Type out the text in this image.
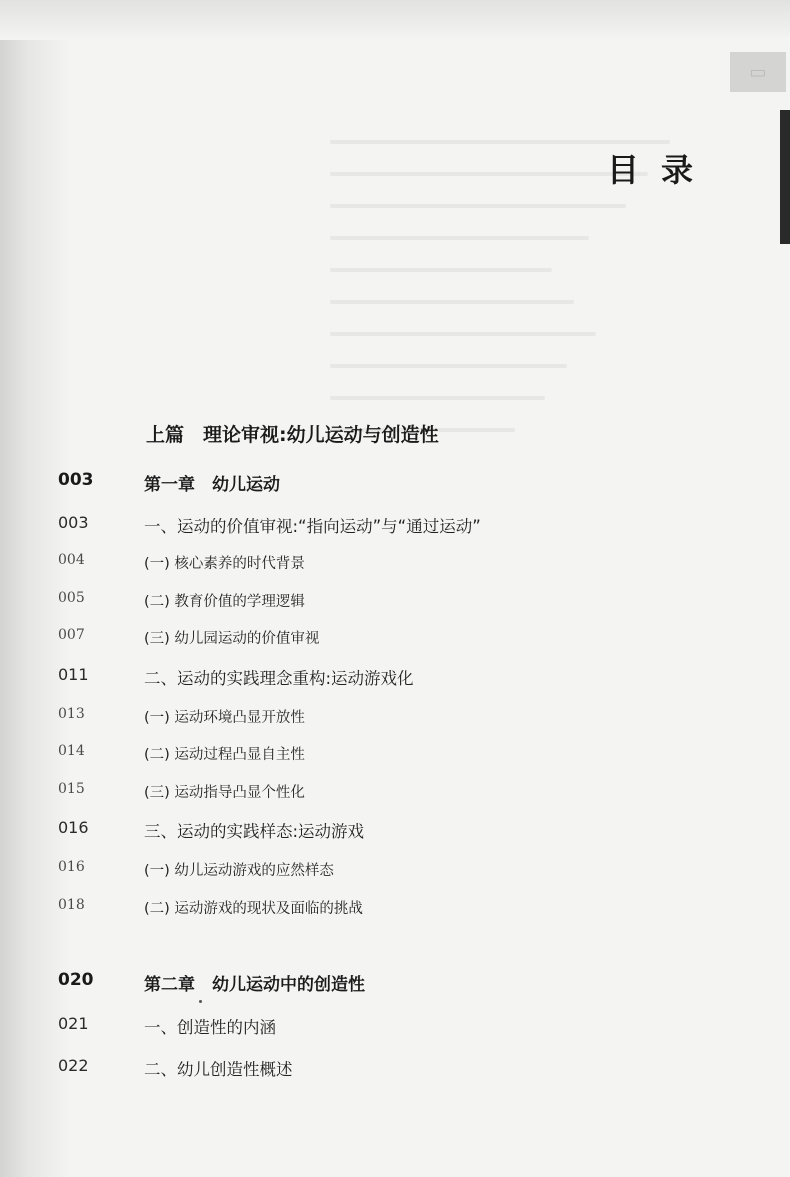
▭
目录
上篇　理论审视:幼儿运动与创造性
003	第一章　幼儿运动
003	一、运动的价值审视:“指向运动”与“通过运动”
004	(一) 核心素养的时代背景
005	(二) 教育价值的学理逻辑
007	(三) 幼儿园运动的价值审视
011	二、运动的实践理念重构:运动游戏化
013	(一) 运动环境凸显开放性
014	(二) 运动过程凸显自主性
015	(三) 运动指导凸显个性化
016	三、运动的实践样态:运动游戏
016	(一) 幼儿运动游戏的应然样态
018	(二) 运动游戏的现状及面临的挑战
020	第二章　幼儿运动中的创造性
021	一、创造性的内涵
022	二、幼儿创造性概述
